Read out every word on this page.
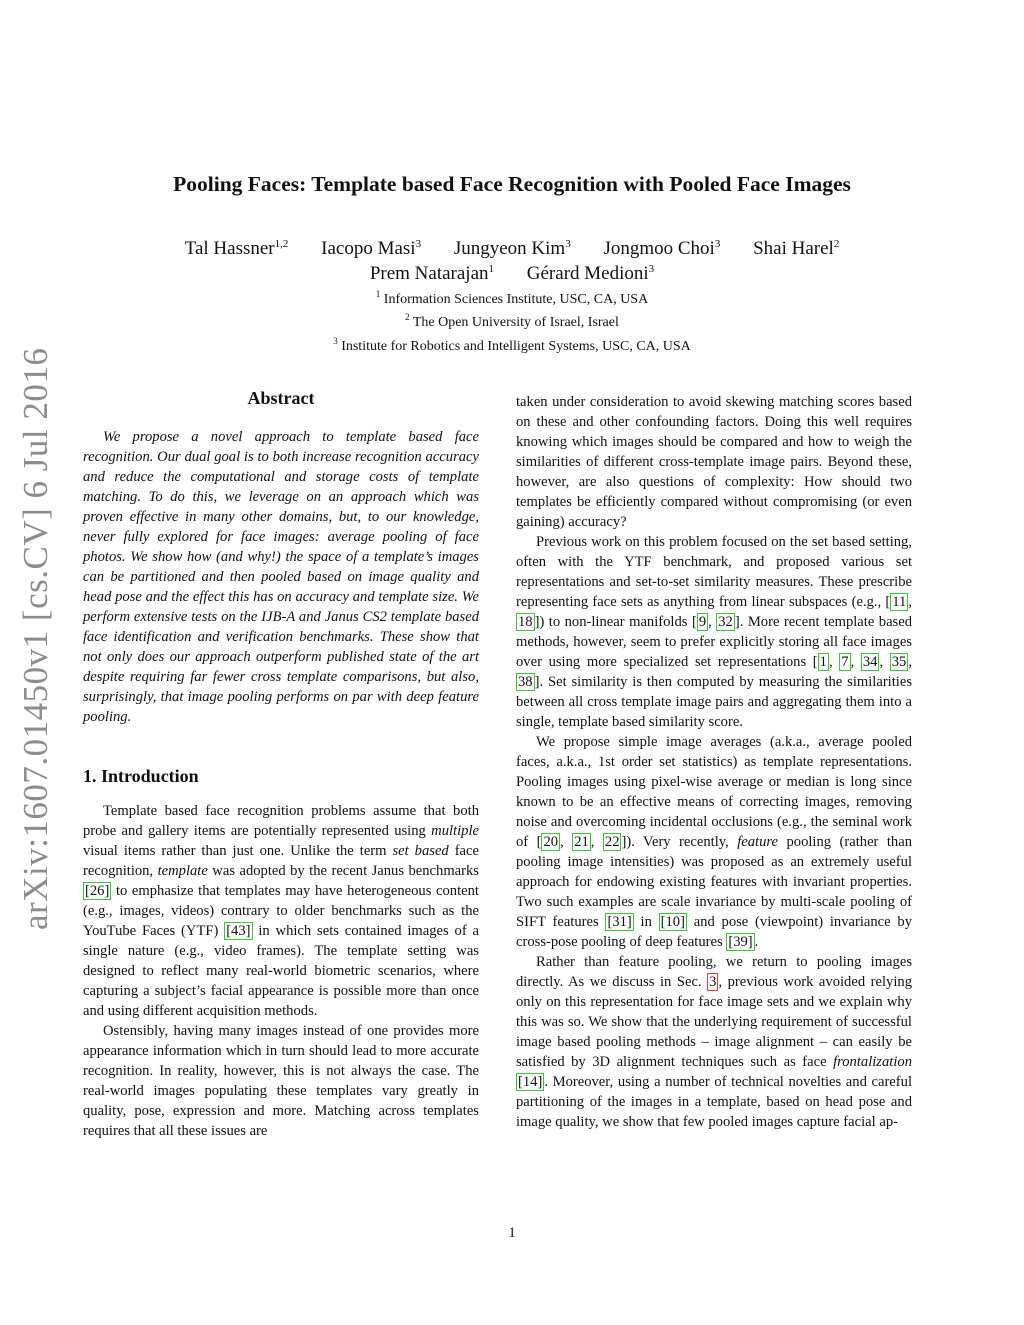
arXiv:1607.01450v1 [cs.CV] 6 Jul 2016
Pooling Faces: Template based Face Recognition with Pooled Face Images
Tal Hassner$^{1,2}$ Iacopo Masi$^3$ Jungyeon Kim$^3$ Jongmoo Choi$^3$ Shai Harel$^2$
Prem Natarajan$^1$ Gérard Medioni$^3$
$^1$ Information Sciences Institute, USC, CA, USA
$^2$ The Open University of Israel, Israel
$^3$ Institute for Robotics and Intelligent Systems, USC, CA, USA
Abstract

We propose a novel approach to template based face recognition. Our dual goal is to both increase recognition accuracy and reduce the computational and storage costs of template matching. To do this, we leverage on an approach which was proven effective in many other domains, but, to our knowledge, never fully explored for face images: average pooling of face photos. We show how (and why!) the space of a template’s images can be partitioned and then pooled based on image quality and head pose and the effect this has on accuracy and template size. We perform extensive tests on the IJB-A and Janus CS2 template based face identification and verification benchmarks. These show that not only does our approach outperform published state of the art despite requiring far fewer cross template comparisons, but also, surprisingly, that image pooling performs on par with deep feature pooling.

1. Introduction

Template based face recognition problems assume that both probe and gallery items are potentially represented using multiple visual items rather than just one. Unlike the term set based face recognition, template was adopted by the recent Janus benchmarks [26] to emphasize that templates may have heterogeneous content (e.g., images, videos) contrary to older benchmarks such as the YouTube Faces (YTF) [43] in which sets contained images of a single nature (e.g., video frames). The template setting was designed to reflect many real-world biometric scenarios, where capturing a subject’s facial appearance is possible more than once and using different acquisition methods.

Ostensibly, having many images instead of one provides more appearance information which in turn should lead to more accurate recognition. In reality, however, this is not always the case. The real-world images populating these templates vary greatly in quality, pose, expression and more. Matching across templates requires that all these issues are

taken under consideration to avoid skewing matching scores based on these and other confounding factors. Doing this well requires knowing which images should be compared and how to weigh the similarities of different cross-template image pairs. Beyond these, however, are also questions of complexity: How should two templates be efficiently compared without compromising (or even gaining) accuracy?

Previous work on this problem focused on the set based setting, often with the YTF benchmark, and proposed various set representations and set-to-set similarity measures. These prescribe representing face sets as anything from linear subspaces (e.g., [ 11 , 18 ]) to non-linear manifolds [ 9 , 32 ]. More recent template based methods, however, seem to prefer explicitly storing all face images over using more specialized set representations [ 1 , 7 , 34 , 35 , 38 ]. Set similarity is then computed by measuring the similarities between all cross template image pairs and aggregating them into a single, template based similarity score.

We propose simple image averages (a.k.a., average pooled faces, a.k.a., 1st order set statistics) as template representations. Pooling images using pixel-wise average or median is long since known to be an effective means of correcting images, removing noise and overcoming incidental occlusions (e.g., the seminal work of [ 20 , 21 , 22 ]). Very recently, feature pooling (rather than pooling image intensities) was proposed as an extremely useful approach for endowing existing features with invariant properties. Two such examples are scale invariance by multi-scale pooling of SIFT features [31] in [10] and pose (viewpoint) invariance by cross-pose pooling of deep features [39] .

Rather than feature pooling, we return to pooling images directly. As we discuss in Sec. 3 , previous work avoided relying only on this representation for face image sets and we explain why this was so. We show that the underlying requirement of successful image based pooling methods – image alignment – can easily be satisfied by 3D alignment techniques such as face frontalization [14] . Moreover, using a number of technical novelties and careful partitioning of the images in a template, based on head pose and image quality, we show that few pooled images capture facial ap-

1
